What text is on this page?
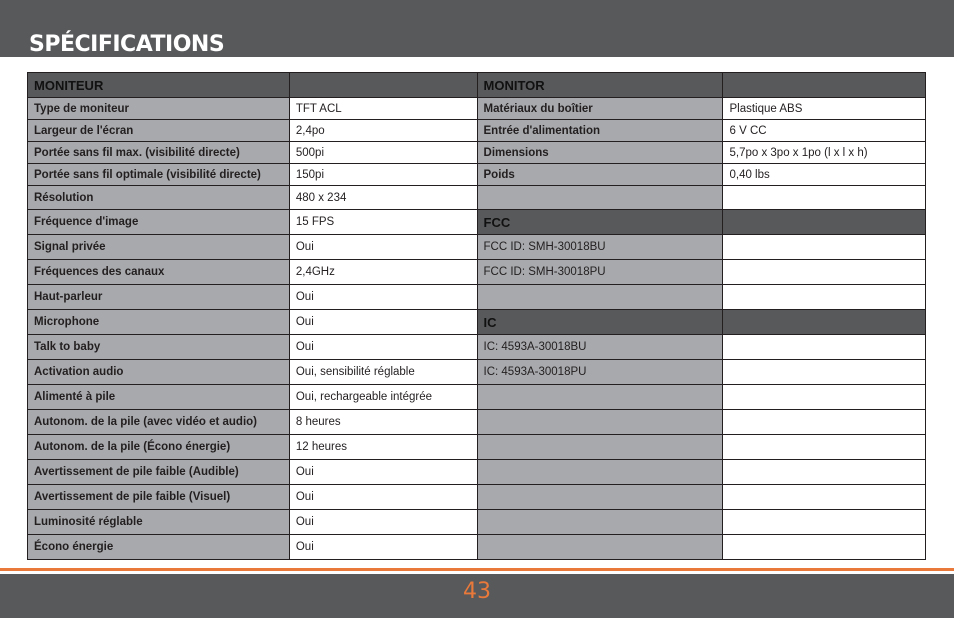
SPÉCIFICATIONS
MONITEUR		MONITOR	
Type de moniteur	TFT ACL	Matériaux du boîtier	Plastique ABS
Largeur de l'écran	2,4po	Entrée d'alimentation	6 V CC
Portée sans fil max. (visibilité directe)	500pi	Dimensions	5,7po x 3po x 1po (l x l x h)
Portée sans fil optimale (visibilité directe)	150pi	Poids	0,40 lbs
Résolution	480 x 234		
Fréquence d'image	15 FPS	FCC	
Signal privée	Oui	FCC ID: SMH-30018BU	
Fréquences des canaux	2,4GHz	FCC ID: SMH-30018PU	
Haut-parleur	Oui		
Microphone	Oui	IC	
Talk to baby	Oui	IC: 4593A-30018BU	
Activation audio	Oui, sensibilité réglable	IC: 4593A-30018PU	
Alimenté à pile	Oui, rechargeable intégrée		
Autonom. de la pile (avec vidéo et audio)	8 heures		
Autonom. de la pile (Écono énergie)	12 heures		
Avertissement de pile faible (Audible)	Oui		
Avertissement de pile faible (Visuel)	Oui		
Luminosité réglable	Oui		
Écono énergie	Oui		
43
